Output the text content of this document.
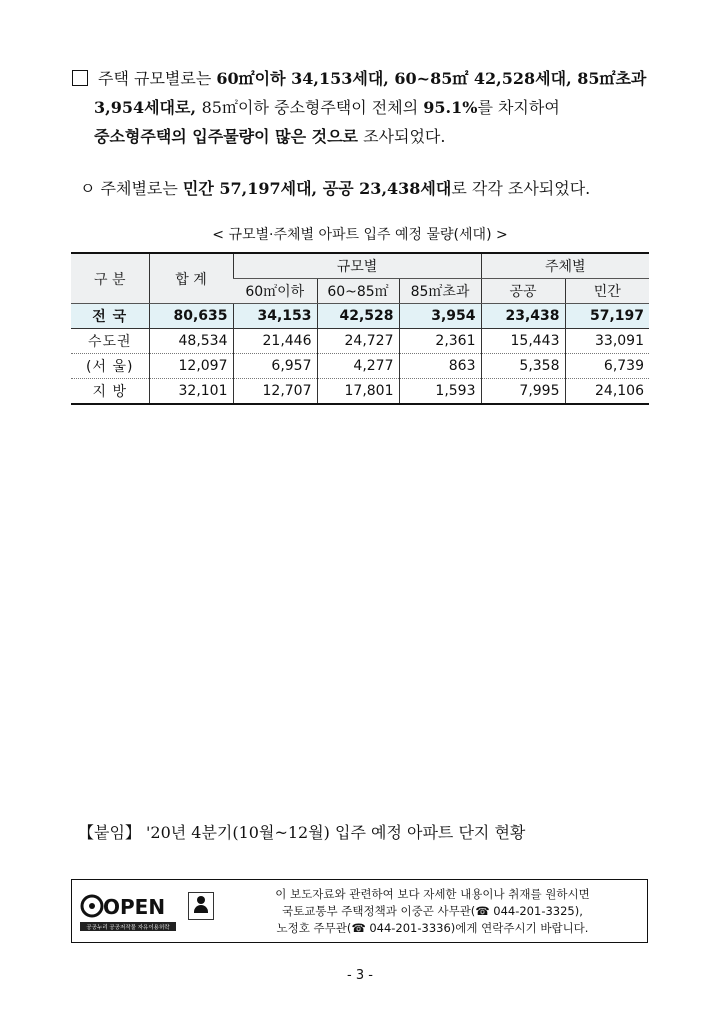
주택 규모별로는 60㎡이하 34,153세대, 60~85㎡ 42,528세대, 85㎡초과
3,954세대로, 85㎡이하 중소형주택이 전체의 95.1%를 차지하여
중소형주택의 입주물량이 많은 것으로 조사되었다.
ㅇ 주체별로는 민간 57,197세대, 공공 23,438세대로 각각 조사되었다.
< 규모별·주체별 아파트 입주 예정 물량(세대) >
구 분	합 계	규모별			주체별	
		60㎡이하	60~85㎡	85㎡초과	공공	민간
전 국	80,635	34,153	42,528	3,954	23,438	57,197
수도권	48,534	21,446	24,727	2,361	15,443	33,091
(서 울)	12,097	6,957	4,277	863	5,358	6,739
지 방	32,101	12,707	17,801	1,593	7,995	24,106
【붙임】 '20년 4분기(10월~12월) 입주 예정 아파트 단지 현황
OPEN
공공누리 공공저작물 자유이용허락
이 보도자료와 관련하여 보다 자세한 내용이나 취재를 원하시면
국토교통부 주택정책과 이중곤 사무관(☎ 044-201-3325),
노정호 주무관(☎ 044-201-3336)에게 연락주시기 바랍니다.
- 3 -
